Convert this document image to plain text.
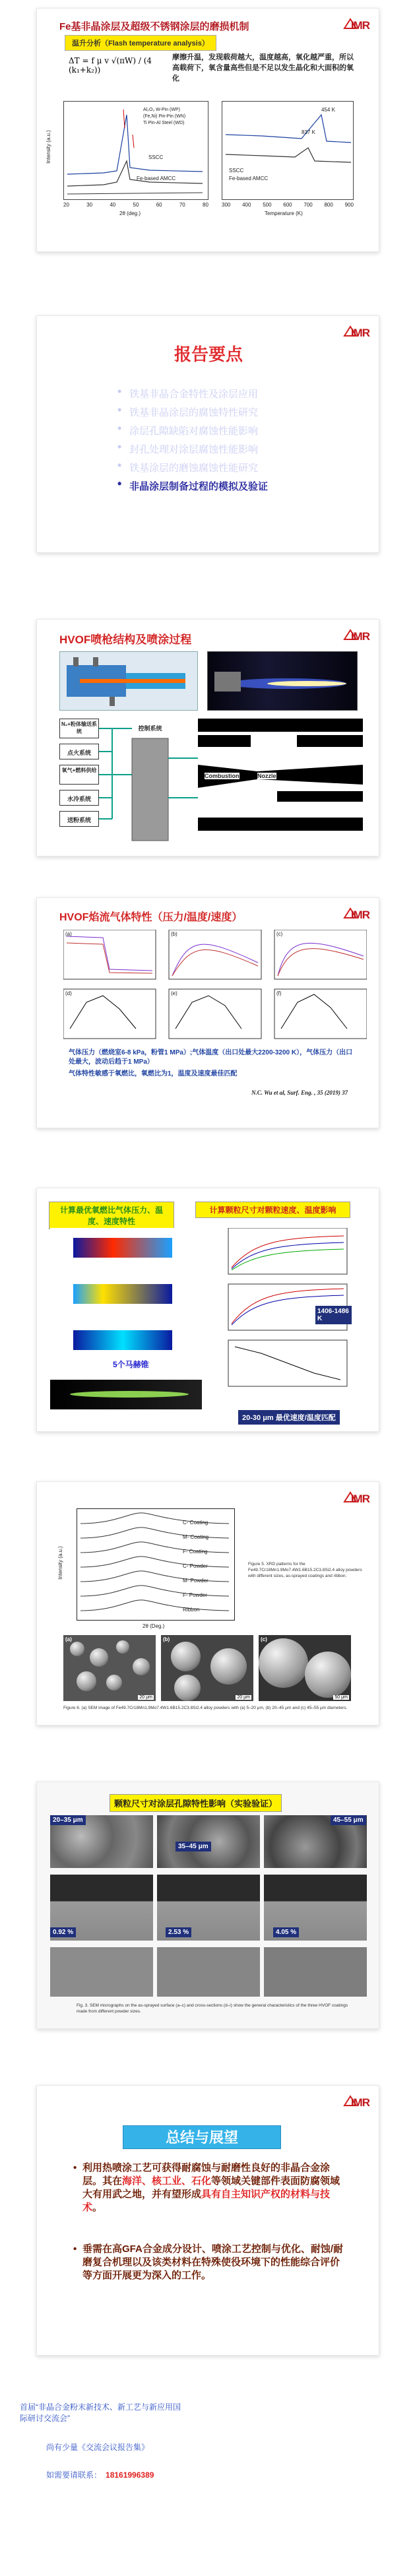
IMR
Fe基非晶涂层及超级不锈钢涂层的磨损机制
温升分析（Flash temperature analysis）
ΔT = f μ v √(πW) / (4 (k₁+k₂))
摩擦升温，发现载荷越大，温度越高，氧化越严重，所以高载荷下，氧含量高些但是不足以发生晶化和大面积的氧化
Al₂O₃ W-Pin (WP)
(Fe,Ni) Pin-Pin (WN)
Ti Pin-Al Steel (WD)
SSCC
Fe-based AMCC
Intensity (a.u.)
20	30	40	50	60	70	80
2θ (deg.)
454 K
837 K
SSCC
Fe-based AMCC
300 400 500 600 700 800 900
Temperature (K)
IMR
报告要点
• 铁基非晶合金特性及涂层应用
• 铁基非晶涂层的腐蚀特性研究
• 涂层孔隙缺陷对腐蚀性能影响
• 封孔处理对涂层腐蚀性能影响
• 铁基涂层的磨蚀腐蚀性能研究
• 非晶涂层制备过程的模拟及验证
IMR
HVOF喷枪结构及喷涂过程
N₂+粉体输送系统
点火系统
氧气+燃料供给
水冷系统
送粉系统
控制系统
Combustion	Nozzle
IMR
HVOF焰流气体特性（压力/温度/速度）
(a)	(b)	(c)
(d)	(e)	(f)
气体压力（燃烧室6-8 kPa，粉管1 MPa）;气体温度（出口处最大2200-3200 K），气体压力（出口处最大，波动后趋于1 MPa）
气体特性敏感于氧燃比，氧燃比为1，温度及速度最佳匹配
N.C. Wu et al, Surf. Eng. , 35 (2019) 37
计算最优氧燃比气体压力、温度、速度特性
计算颗粒尺寸对颗粒速度、温度影响
5个马赫锥
1406-1486 K
20-30 μm 最优速度/温度匹配
IMR
C- Coating
M- Coating
F- Coating
C- Powder
M- Powder
F- Powder
Ribbon
Intensity (a.u.)
2θ (Deg.)
Figure 5. XRD patterns for the Fe49.7Cr18Mn1.9Mo7.4W1.6B15.2C3.8Si2.4 alloy powders with different sizes, as-sprayed coatings and ribbon.
(a)
20 μm
(b)
20 μm
(c)
50 μm
Figure 6. (a) SEM image of Fe49.7Cr18Mn1.9Mo7.4W1.6B15.2C3.8Si2.4 alloy powders with (a) 5–20 μm, (b) 20–45 μm and (c) 45–55 μm diameters.
颗粒尺寸对涂层孔隙特性影响（实验验证）
20–35 μm
35–45 μm
45–55 μm
0.92 %	2.53 %	4.05 %
Fig. 3. SEM micrographs on the as-sprayed surface (a–c) and cross-sections (d–i) show the general characteristics of the three HVOF coatings made from different powder sizes.
IMR
总结与展望
• 利用热喷涂工艺可获得耐腐蚀与耐磨性良好的非晶合金涂层。其在海洋、核工业、石化等领域关键部件表面防腐领域大有用武之地，并有望形成具有自主知识产权的材料与技术。
• 垂需在高GFA合金成分设计、喷涂工艺控制与优化、耐蚀/耐磨复合机理以及该类材料在特殊使役环境下的性能综合评价等方面开展更为深入的工作。
首届“非晶合金粉末新技术、新工艺与新应用国际研讨交流会”
尚有少量《交流会议报告集》
如需要请联系： 18161996389
